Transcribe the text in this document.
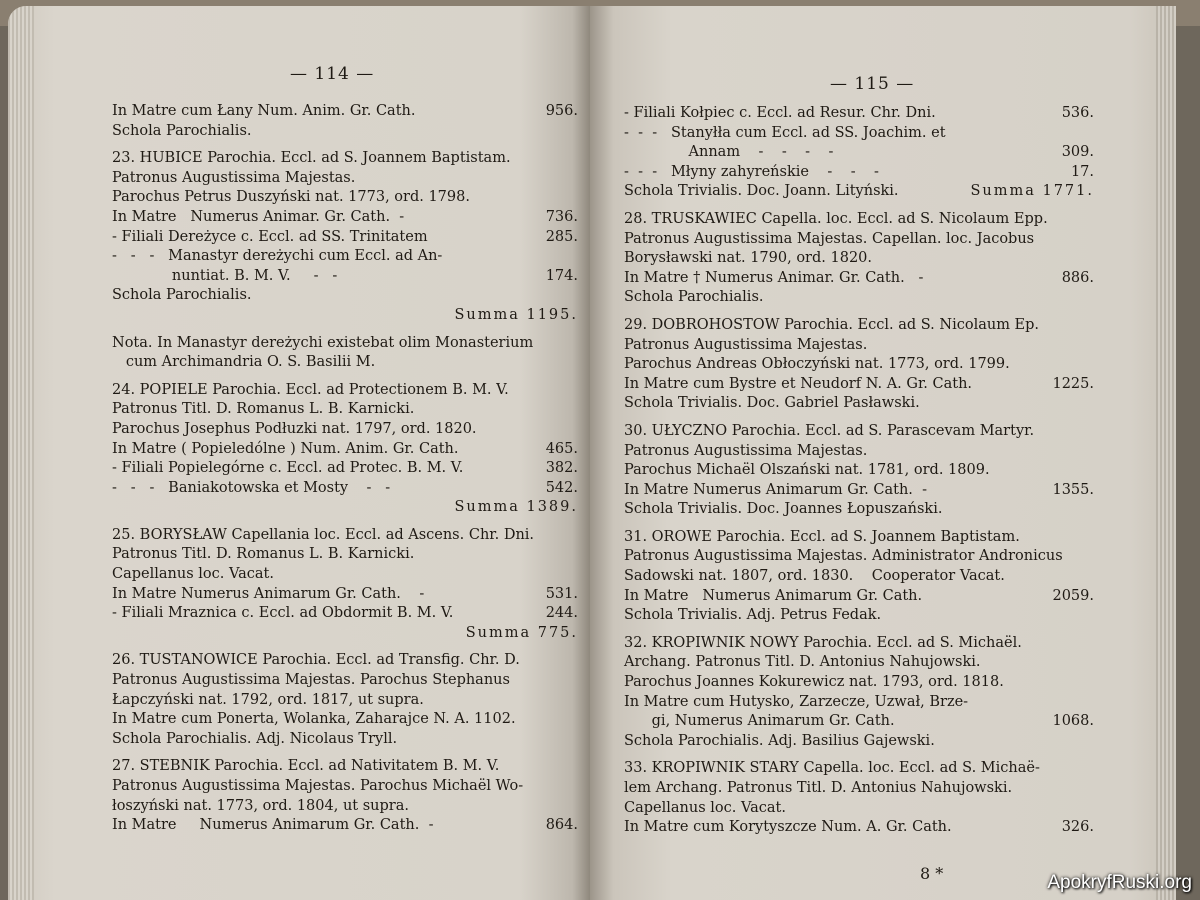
— 114 —
In Matre cum Łany Num. Anim. Gr. Cath.	956.
Schola Parochialis.
23. HUBICE Parochia. Eccl. ad S. Joannem Baptistam.
Patronus Augustissima Majestas.
Parochus Petrus Duszyński nat. 1773, ord. 1798.
In Matre   Numerus Animar. Gr. Cath.  -	736.
- Filiali Dereżyce c. Eccl. ad SS. Trinitatem	285.
-   -   -   Manastyr dereżychi cum Eccl. ad An-
nuntiat. B. M. V.     -   -	174.
Schola Parochialis.
Summa 1195.
Nota. In Manastyr dereżychi existebat olim Monasterium
cum Archimandria O. S. Basilii M.
24. POPIELE Parochia. Eccl. ad Protectionem B. M. V.
Patronus Titl. D. Romanus L. B. Karnicki.
Parochus Josephus Podłuzki nat. 1797, ord. 1820.
In Matre ( Popieledólne ) Num. Anim. Gr. Cath.	465.
- Filiali Popielegórne c. Eccl. ad Protec. B. M. V.	382.
-   -   -   Baniakotowska et Mosty    -   -	542.
Summa 1389.
25. BORYSŁAW Capellania loc. Eccl. ad Ascens. Chr. Dni.
Patronus Titl. D. Romanus L. B. Karnicki.
Capellanus loc. Vacat.
In Matre Numerus Animarum Gr. Cath.    -	531.
- Filiali Mraznica c. Eccl. ad Obdormit B. M. V.	244.
Summa 775.
26. TUSTANOWICE Parochia. Eccl. ad Transfig. Chr. D.
Patronus Augustissima Majestas. Parochus Stephanus
Łapczyński nat. 1792, ord. 1817, ut supra.
In Matre cum Ponerta, Wolanka, Zaharajce N. A. 1102.
Schola Parochialis. Adj. Nicolaus Tryll.
27. STEBNIK Parochia. Eccl. ad Nativitatem B. M. V.
Patronus Augustissima Majestas. Parochus Michaël Wo-
łoszyński nat. 1773, ord. 1804, ut supra.
In Matre     Numerus Animarum Gr. Cath.  -	864.
— 115 —
- Filiali Kołpiec c. Eccl. ad Resur. Chr. Dni.	536.
-  -  -   Stanyłła cum Eccl. ad SS. Joachim. et
Annam    -    -    -    -	309.
-  -  -   Młyny zahyreńskie    -    -    -	17.
Schola Trivialis. Doc. Joann. Lityński.	Summa 1771.
28. TRUSKAWIEC Capella. loc. Eccl. ad S. Nicolaum Epp.
Patronus Augustissima Majestas. Capellan. loc. Jacobus
Borysławski nat. 1790, ord. 1820.
In Matre † Numerus Animar. Gr. Cath.   -	886.
Schola Parochialis.
29. DOBROHOSTOW Parochia. Eccl. ad S. Nicolaum Ep.
Patronus Augustissima Majestas.
Parochus Andreas Obłoczyński nat. 1773, ord. 1799.
In Matre cum Bystre et Neudorf N. A. Gr. Cath.	1225.
Schola Trivialis. Doc. Gabriel Pasławski.
30. UŁYCZNO Parochia. Eccl. ad S. Parascevam Martyr.
Patronus Augustissima Majestas.
Parochus Michaël Olszański nat. 1781, ord. 1809.
In Matre Numerus Animarum Gr. Cath.  -	1355.
Schola Trivialis. Doc. Joannes Łopuszański.
31. OROWE Parochia. Eccl. ad S. Joannem Baptistam.
Patronus Augustissima Majestas. Administrator Andronicus
Sadowski nat. 1807, ord. 1830.    Cooperator Vacat.
In Matre   Numerus Animarum Gr. Cath.	2059.
Schola Trivialis. Adj. Petrus Fedak.
32. KROPIWNIK NOWY Parochia. Eccl. ad S. Michaël.
Archang. Patronus Titl. D. Antonius Nahujowski.
Parochus Joannes Kokurewicz nat. 1793, ord. 1818.
In Matre cum Hutysko, Zarzecze, Uzwał, Brze-
gi, Numerus Animarum Gr. Cath.	1068.
Schola Parochialis. Adj. Basilius Gajewski.
33. KROPIWNIK STARY Capella. loc. Eccl. ad S. Michaë-
lem Archang. Patronus Titl. D. Antonius Nahujowski.
Capellanus loc. Vacat.
In Matre cum Korytyszcze Num. A. Gr. Cath.	326.
8 *	ApokryfRuski.org
